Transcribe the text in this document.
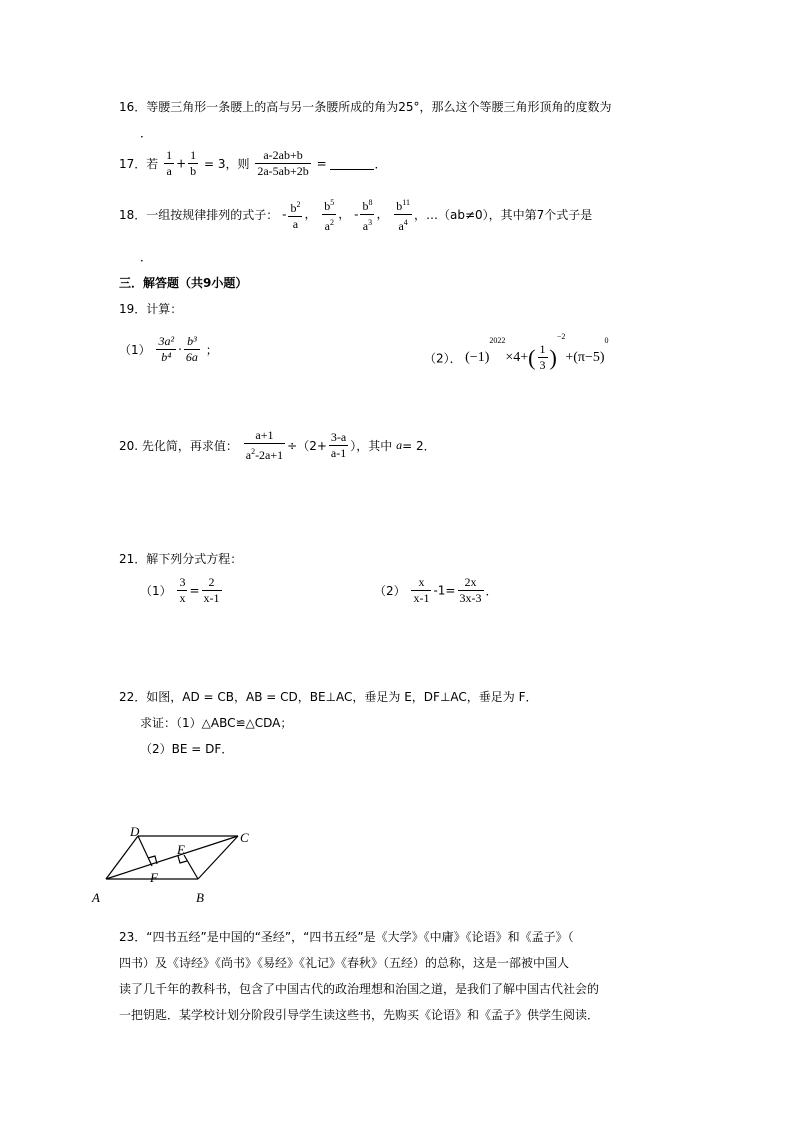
16．等腰三角形一条腰上的高与另一条腰所成的角为25°，那么这个等腰三角形顶角的度数为
．
17．若 $\frac{1}{a} + \frac{1}{b} = 3$，则 $\frac{a-2ab+b}{2a-5ab+2b}$ =	．
18．一组按规律排列的式子： - $\frac{b^2}{a}$ ， $\frac{b^5}{a^2}$ ， - $\frac{b^8}{a^3}$ ， $\frac{b^{11}}{a^4}$ ，…（ab≠0），其中第7个式子是
．
三．解答题（共9小题）
19．计算：
$(1) \frac{\text{3a²}}{\text{b⁴}} \cdot \frac{\text{b³}}{6a}$ ；
（2）． $(-1)^{2022}\times 4+( \frac{1}{3} )^{-2}+(\pi-5)^0$
20. 先化简，再求值： $\frac{a+1}{a^2-2a+1} \div(2+ \frac{3-a}{a-1}$ ），其中 a= 2．
21．解下列分式方程：
$(1) \frac{3}{x} = \frac{2}{x-1}$	$(2) \frac{x}{x-1} -1= \frac{2x}{3x-3}$ ．
22．如图，AD = CB，AB = CD，BE⊥AC，垂足为 E，DF⊥AC，垂足为 F．
求证：（1）△ABC≌△CDA；
（2）BE = DF．
A	B
C
D
E
F
23．“四书五经”是中国的“圣经”，“四书五经”是《大学》《中庸》《论语》和《孟子》（
四书）及《诗经》《尚书》《易经》《礼记》《春秋》（五经）的总称，这是一部被中国人
读了几千年的教科书，包含了中国古代的政治理想和治国之道，是我们了解中国古代社会的
一把钥匙．某学校计划分阶段引导学生读这些书，先购买《论语》和《孟子》供学生阅读．
